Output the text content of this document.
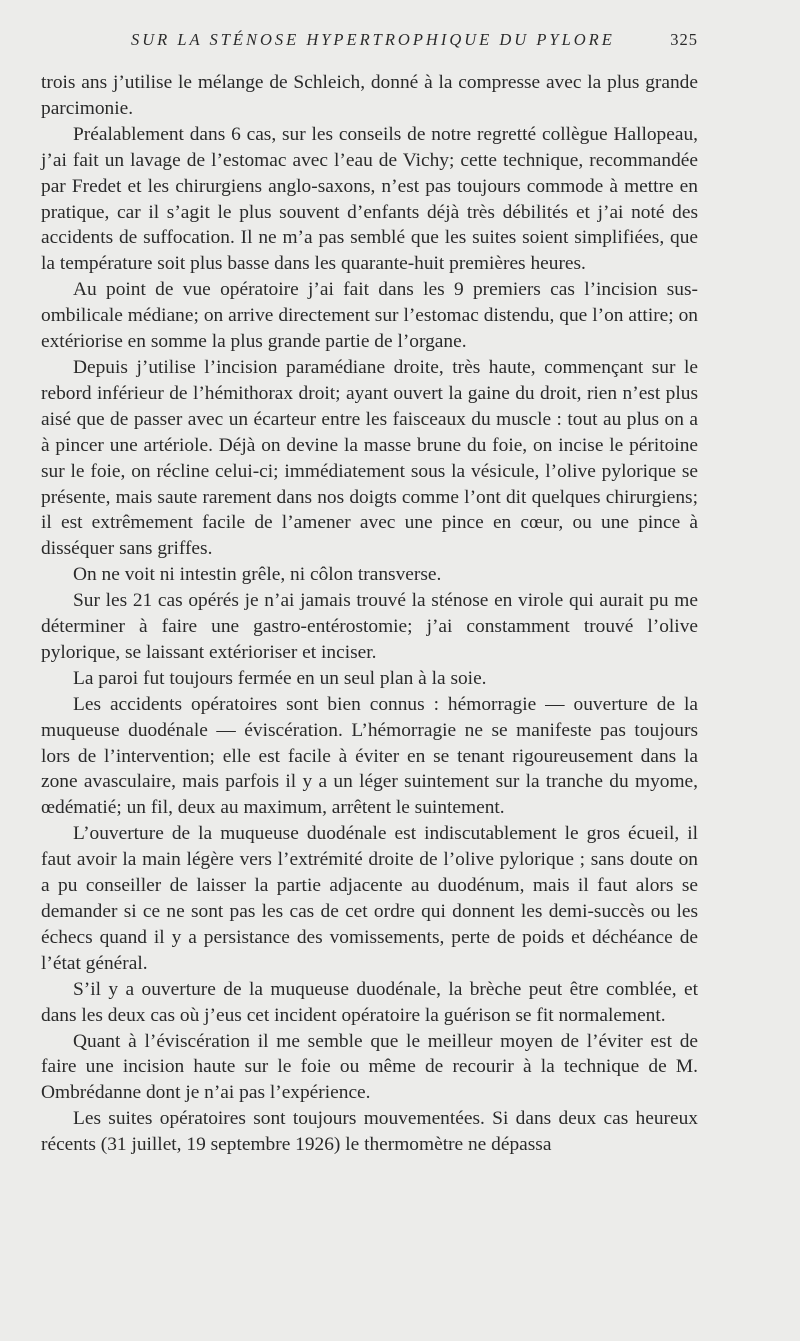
SUR LA STÉNOSE HYPERTROPHIQUE DU PYLORE	325

trois ans j’utilise le mélange de Schleich, donné à la compresse avec la plus grande parcimonie.

Préalablement dans 6 cas, sur les conseils de notre regretté collègue Hallopeau, j’ai fait un lavage de l’estomac avec l’eau de Vichy; cette technique, recommandée par Fredet et les chirurgiens anglo-saxons, n’est pas toujours commode à mettre en pratique, car il s’agit le plus souvent d’enfants déjà très débilités et j’ai noté des accidents de suffocation. Il ne m’a pas semblé que les suites soient simplifiées, que la température soit plus basse dans les quarante-huit premières heures.

Au point de vue opératoire j’ai fait dans les 9 premiers cas l’incision sus-ombilicale médiane; on arrive directement sur l’estomac distendu, que l’on attire; on extériorise en somme la plus grande partie de l’organe.

Depuis j’utilise l’incision paramédiane droite, très haute, commençant sur le rebord inférieur de l’hémithorax droit; ayant ouvert la gaine du droit, rien n’est plus aisé que de passer avec un écarteur entre les faisceaux du muscle : tout au plus on a à pincer une artériole. Déjà on devine la masse brune du foie, on incise le péritoine sur le foie, on récline celui-ci; immédiatement sous la vésicule, l’olive pylorique se présente, mais saute rarement dans nos doigts comme l’ont dit quelques chirurgiens; il est extrêmement facile de l’amener avec une pince en cœur, ou une pince à disséquer sans griffes.

On ne voit ni intestin grêle, ni côlon transverse.

Sur les 21 cas opérés je n’ai jamais trouvé la sténose en virole qui aurait pu me déterminer à faire une gastro-entérostomie; j’ai constamment trouvé l’olive pylorique, se laissant extérioriser et inciser.

La paroi fut toujours fermée en un seul plan à la soie.

Les accidents opératoires sont bien connus : hémorragie — ouverture de la muqueuse duodénale — éviscération. L’hémorragie ne se manifeste pas toujours lors de l’intervention; elle est facile à éviter en se tenant rigoureusement dans la zone avasculaire, mais parfois il y a un léger suintement sur la tranche du myome, œdématié; un fil, deux au maximum, arrêtent le suintement.

L’ouverture de la muqueuse duodénale est indiscutablement le gros écueil, il faut avoir la main légère vers l’extrémité droite de l’olive pylorique ; sans doute on a pu conseiller de laisser la partie adjacente au duodénum, mais il faut alors se demander si ce ne sont pas les cas de cet ordre qui donnent les demi-succès ou les échecs quand il y a persistance des vomissements, perte de poids et déchéance de l’état général.

S’il y a ouverture de la muqueuse duodénale, la brèche peut être comblée, et dans les deux cas où j’eus cet incident opératoire la guérison se fit normalement.

Quant à l’éviscération il me semble que le meilleur moyen de l’éviter est de faire une incision haute sur le foie ou même de recourir à la technique de M. Ombrédanne dont je n’ai pas l’expérience.

Les suites opératoires sont toujours mouvementées. Si dans deux cas heureux récents (31 juillet, 19 septembre 1926) le thermomètre ne dépassa
